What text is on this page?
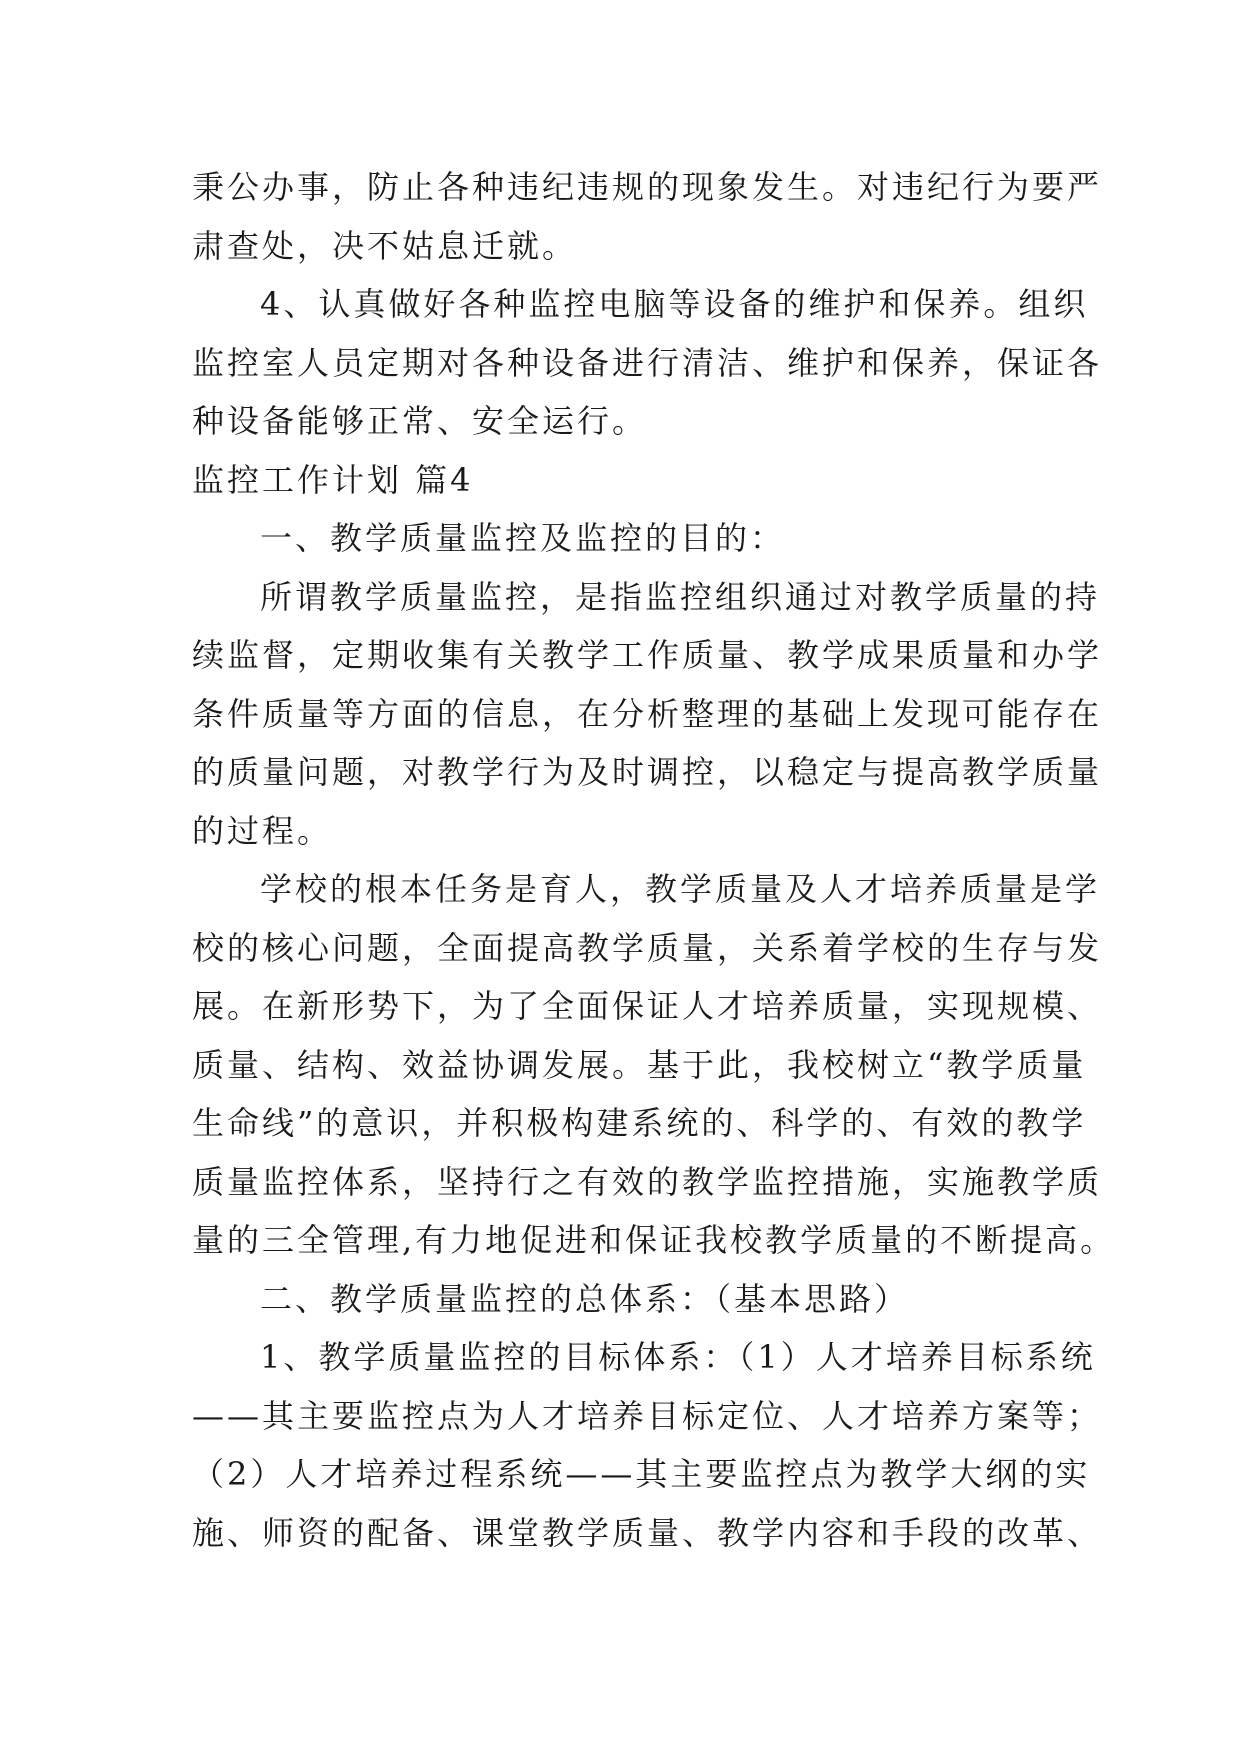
秉公办事，防止各种违纪违规的现象发生。对违纪行为要严
肃查处，决不姑息迁就。
4、认真做好各种监控电脑等设备的维护和保养。组织
监控室人员定期对各种设备进行清洁、维护和保养，保证各
种设备能够正常、安全运行。
监控工作计划 篇4
一、教学质量监控及监控的目的：
所谓教学质量监控，是指监控组织通过对教学质量的持
续监督，定期收集有关教学工作质量、教学成果质量和办学
条件质量等方面的信息，在分析整理的基础上发现可能存在
的质量问题，对教学行为及时调控，以稳定与提高教学质量
的过程。
学校的根本任务是育人，教学质量及人才培养质量是学
校的核心问题，全面提高教学质量，关系着学校的生存与发
展。在新形势下，为了全面保证人才培养质量，实现规模、
质量、结构、效益协调发展。基于此，我校树立“教学质量
生命线”的意识，并积极构建系统的、科学的、有效的教学
质量监控体系，坚持行之有效的教学监控措施，实施教学质
量的三全管理,有力地促进和保证我校教学质量的不断提高。
二、教学质量监控的总体系：（基本思路）
1、教学质量监控的目标体系：（1）人才培养目标系统
——其主要监控点为人才培养目标定位、人才培养方案等；
（2）人才培养过程系统——其主要监控点为教学大纲的实
施、师资的配备、课堂教学质量、教学内容和手段的改革、
